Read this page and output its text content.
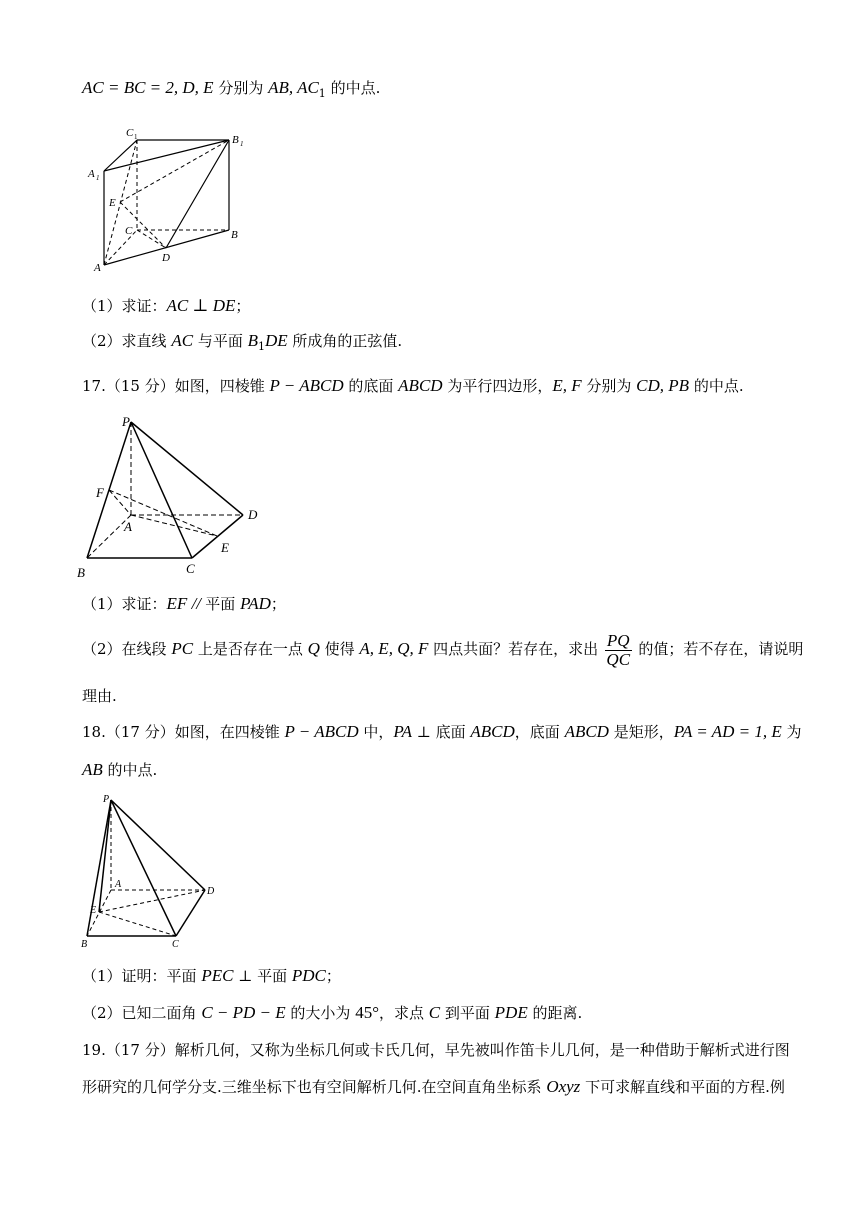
AC = BC = 2, D, E 分别为 AB, $AC_1$ 的中点.
C 1
A 1
B 1
E
C	B
A
D
（1）求证：AC ⊥ DE；
（2）求直线 AC 与平面 $B_1DE$ 所成角的正弦值.
17.（15 分）如图，四棱锥 P − ABCD 的底面 ABCD 为平行四边形，E, F 分别为 CD, PB 的中点.
P
F
A
D
E
B	C
（1）求证：EF // 平面 PAD；
（2）在线段 PC 上是否存在一点 Q 使得 A, E, Q, F 四点共面？若存在，求出 $\frac{PQ}{QC}$ 的值；若不存在，请说明
理由.
18.（17 分）如图，在四棱锥 P − ABCD 中，PA ⊥ 底面 ABCD，底面 ABCD 是矩形，PA = AD = 1, E 为
AB 的中点.
P
A
D
E
B	C
（1）证明：平面 PEC ⊥ 平面 PDC；
（2）已知二面角 C − PD − E 的大小为 45°，求点 C 到平面 PDE 的距离.
19.（17 分）解析几何，又称为坐标几何或卡氏几何，早先被叫作笛卡儿几何，是一种借助于解析式进行图
形研究的几何学分支.三维坐标下也有空间解析几何.在空间直角坐标系 Oxyz 下可求解直线和平面的方程.例
